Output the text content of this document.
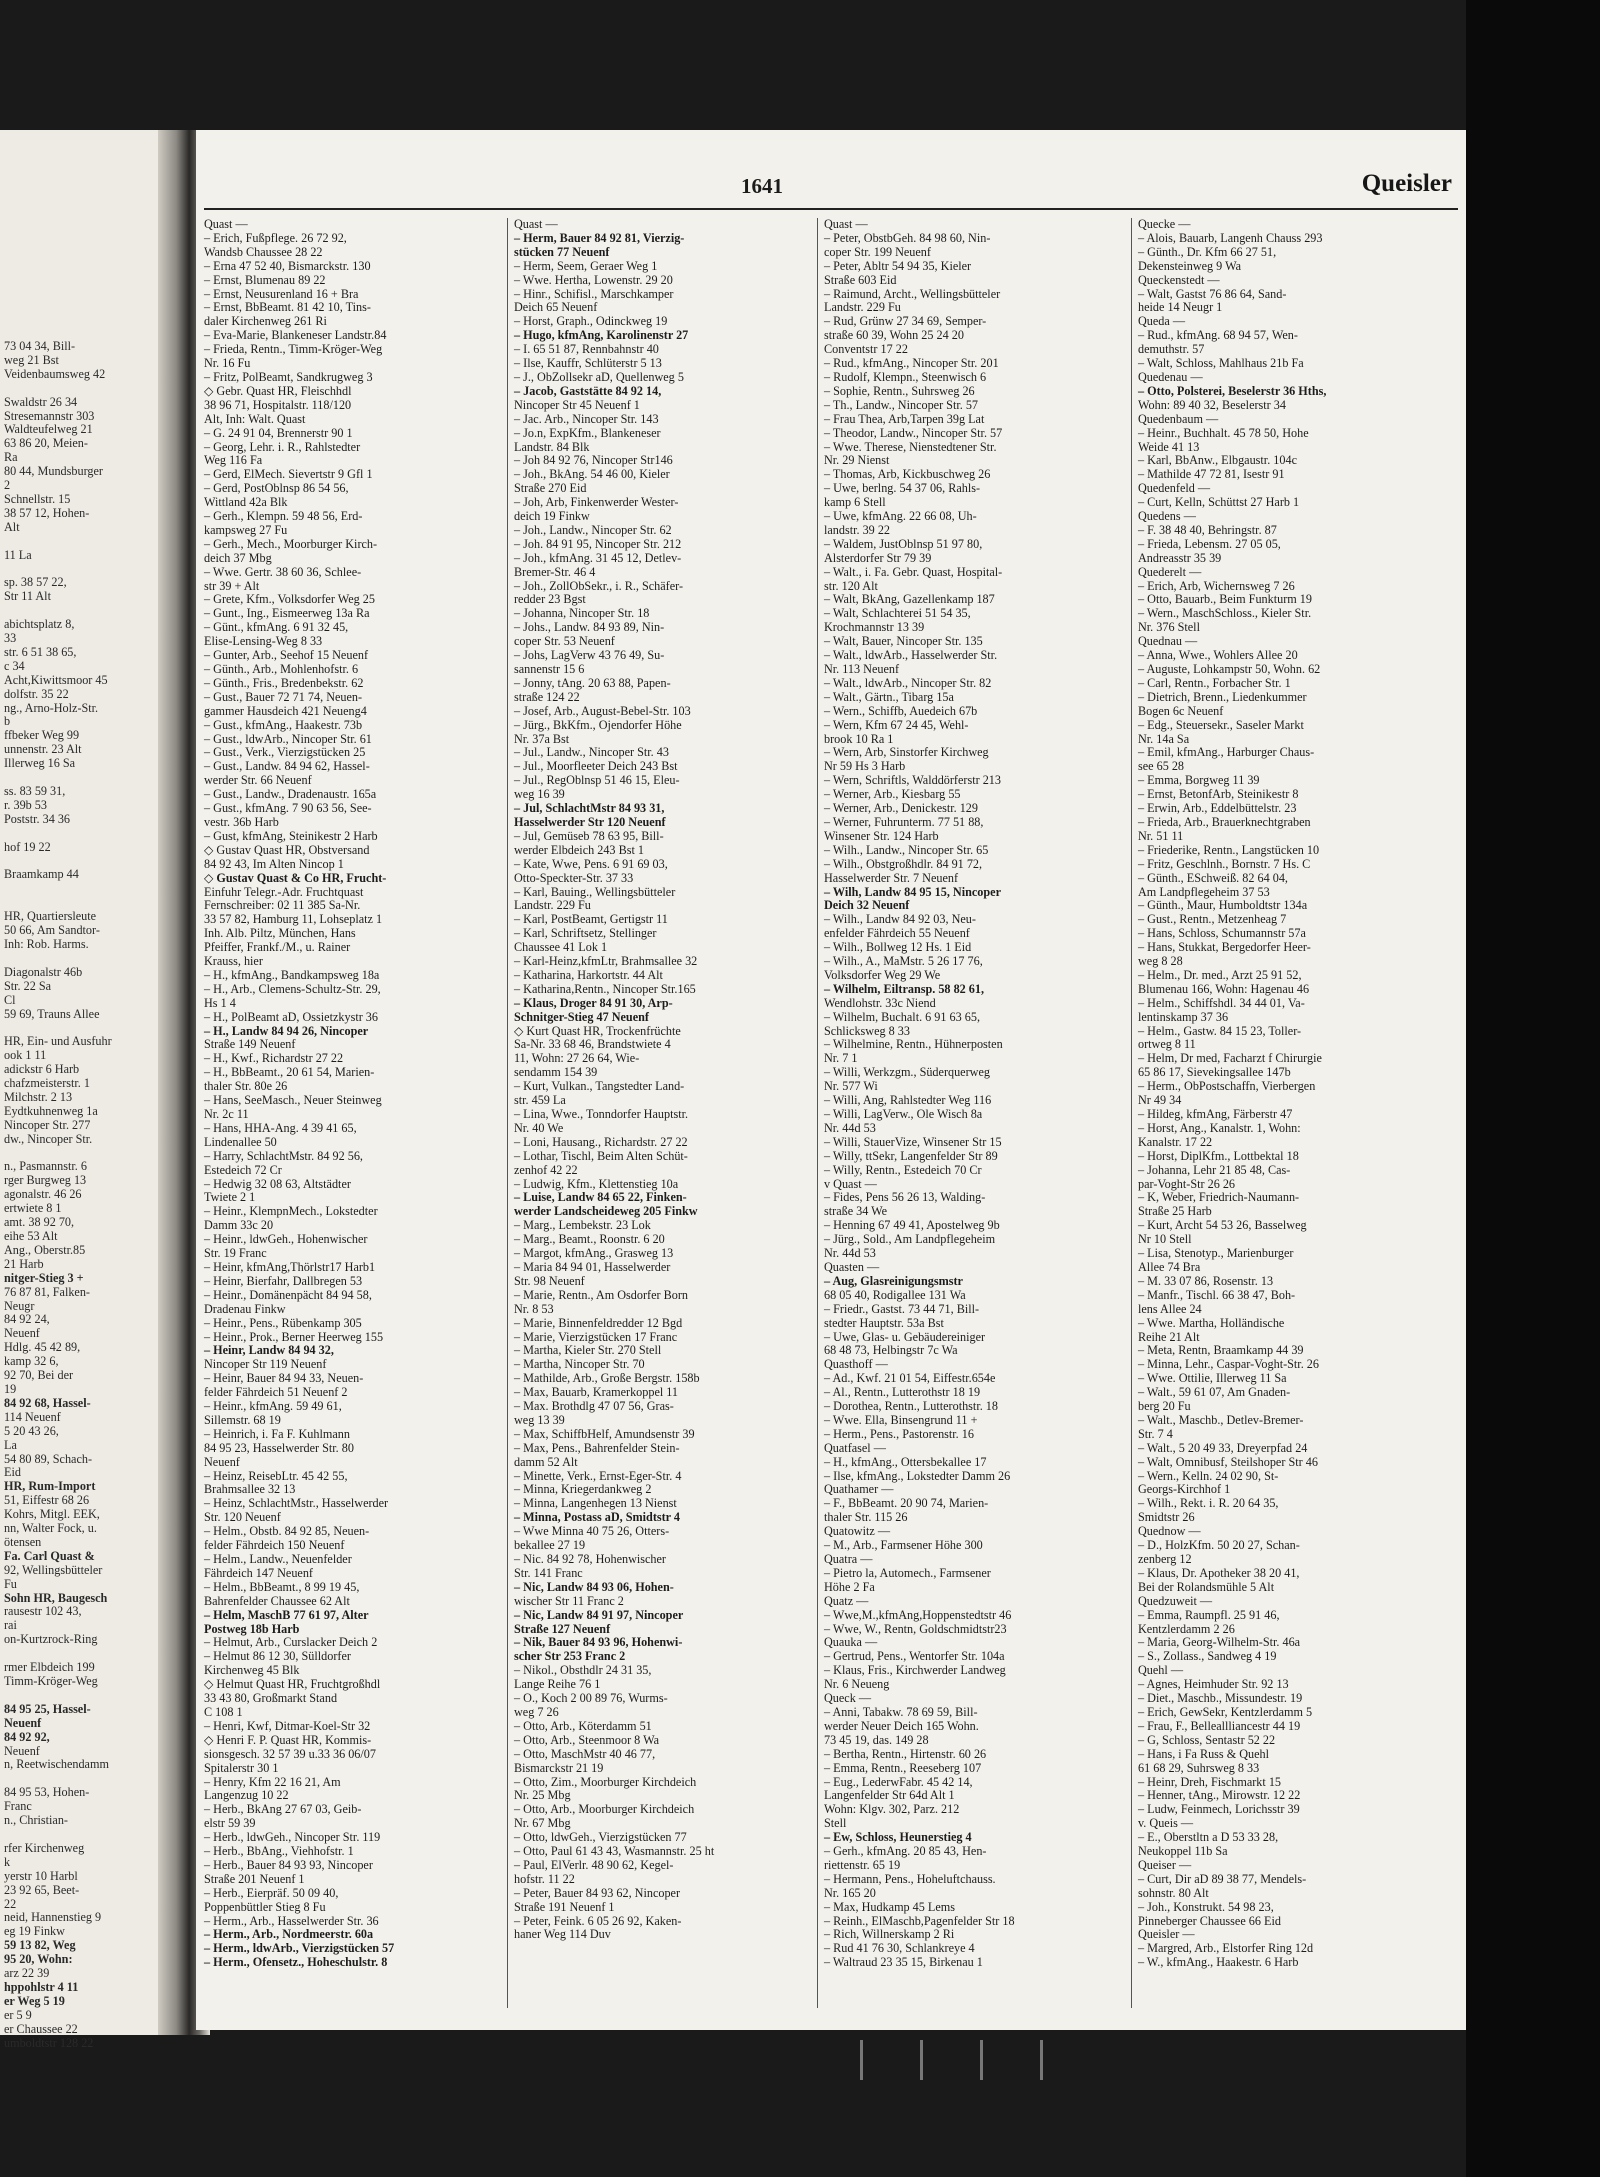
73 04 34, Bill-
weg 21 Bst
Veidenbaumsweg 42

Swaldstr 26 34
Stresemannstr 303
Waldteufelweg 21
63 86 20, Meien-
Ra
80 44, Mundsburger
2
Schnellstr. 15
38 57 12, Hohen-
Alt

11 La

sp. 38 57 22,
Str 11 Alt

abichtsplatz 8,
33
str. 6 51 38 65,
c 34
Acht,Kiwittsmoor 45
dolfstr. 35 22
ng., Arno-Holz-Str.
b
ffbeker Weg 99
unnenstr. 23 Alt
Illerweg 16 Sa

ss. 83 59 31,
r. 39b 53
Poststr. 34 36

hof 19 22

Braamkamp 44

HR, Quartiersleute
50 66, Am Sandtor-
Inh: Rob. Harms.

Diagonalstr 46b
Str. 22 Sa
Cl
59 69, Trauns Allee

HR, Ein- und Ausfuhr
ook 1 11
adickstr 6 Harb
chafzmeisterstr. 1
Milchstr. 2 13
Eydtkuhnenweg 1a
Nincoper Str. 277
dw., Nincoper Str.

n., Pasmannstr. 6
rger Burgweg 13
agonalstr. 46 26
ertwiete 8 1
amt. 38 92 70,
eihe 53 Alt
Ang., Oberstr.85
21 Harb
nitger-Stieg 3 +
76 87 81, Falken-
Neugr
84 92 24,
Neuenf
Hdlg. 45 42 89,
kamp 32 6,
92 70, Bei der
19
84 92 68, Hassel-
114 Neuenf
5 20 43 26,
La
54 80 89, Schach-
Eid
HR, Rum-Import
51, Eiffestr 68 26
Kohrs, Mitgl. EEK,
nn, Walter Fock, u.
ötensen
Fa. Carl Quast &
92, Wellingsbütteler
Fu
Sohn HR, Baugesch
rausestr 102 43,
rai
on-Kurtzrock-Ring

rmer Elbdeich 199
Timm-Kröger-Weg

84 95 25, Hassel-
Neuenf
84 92 92,
Neuenf
n, Reetwischendamm

84 95 53, Hohen-
Franc
n., Christian-

rfer Kirchenweg
k
yerstr 10 Harbl
23 92 65, Beet-
22
neid, Hannenstieg 9
eg 19 Finkw
59 13 82, Weg
95 20, Wohn:
arz 22 39
hppohlstr 4 11
er Weg 5 19
er 5 9
er Chaussee 22
umboldtstr 128 22
1641	Queisler
Quast —
– Erich, Fußpflege. 26 72 92,
Wandsb Chaussee 28 22
– Erna 47 52 40, Bismarckstr. 130
– Ernst, Blumenau 89 22
– Ernst, Neusurenland 16 + Bra
– Ernst, BbBeamt. 81 42 10, Tins-
daler Kirchenweg 261 Ri
– Eva-Marie, Blankeneser Landstr.84
– Frieda, Rentn., Timm-Kröger-Weg
Nr. 16 Fu
– Fritz, PolBeamt, Sandkrugweg 3
◇ Gebr. Quast HR, Fleischhdl
38 96 71, Hospitalstr. 118/120
Alt, Inh: Walt. Quast
– G. 24 91 04, Brennerstr 90 1
– Georg, Lehr. i. R., Rahlstedter
Weg 116 Fa
– Gerd, ElMech. Sievertstr 9 Gfl 1
– Gerd, PostOblnsp 86 54 56,
Wittland 42a Blk
– Gerh., Klempn. 59 48 56, Erd-
kampsweg 27 Fu
– Gerh., Mech., Moorburger Kirch-
deich 37 Mbg
– Wwe. Gertr. 38 60 36, Schlee-
str 39 + Alt
– Grete, Kfm., Volksdorfer Weg 25
– Gunt., Ing., Eismeerweg 13a Ra
– Günt., kfmAng. 6 91 32 45,
Elise-Lensing-Weg 8 33
– Gunter, Arb., Seehof 15 Neuenf
– Günth., Arb., Mohlenhofstr. 6
– Günth., Fris., Bredenbekstr. 62
– Gust., Bauer 72 71 74, Neuen-
gammer Hausdeich 421 Neueng4
– Gust., kfmAng., Haakestr. 73b
– Gust., ldwArb., Nincoper Str. 61
– Gust., Verk., Vierzigstücken 25
– Gust., Landw. 84 94 62, Hassel-
werder Str. 66 Neuenf
– Gust., Landw., Dradenaustr. 165a
– Gust., kfmAng. 7 90 63 56, See-
vestr. 36b Harb
– Gust, kfmAng, Steinikestr 2 Harb
◇ Gustav Quast HR, Obstversand
84 92 43, Im Alten Nincop 1
◇ Gustav Quast & Co HR, Frucht-
Einfuhr Telegr.-Adr. Fruchtquast
Fernschreiber: 02 11 385 Sa-Nr.
33 57 82, Hamburg 11, Lohseplatz 1
Inh. Alb. Piltz, München, Hans
Pfeiffer, Frankf./M., u. Rainer
Krauss, hier
– H., kfmAng., Bandkampsweg 18a
– H., Arb., Clemens-Schultz-Str. 29,
Hs 1 4
– H., PolBeamt aD, Ossietzkystr 36
– H., Landw 84 94 26, Nincoper
Straße 149 Neuenf
– H., Kwf., Richardstr 27 22
– H., BbBeamt., 20 61 54, Marien-
thaler Str. 80e 26
– Hans, SeeMasch., Neuer Steinweg
Nr. 2c 11
– Hans, HHA-Ang. 4 39 41 65,
Lindenallee 50
– Harry, SchlachtMstr. 84 92 56,
Estedeich 72 Cr
– Hedwig 32 08 63, Altstädter
Twiete 2 1
– Heinr., KlempnMech., Lokstedter
Damm 33c 20
– Heinr., ldwGeh., Hohenwischer
Str. 19 Franc
– Heinr, kfmAng,Thörlstr17 Harb1
– Heinr, Bierfahr, Dallbregen 53
– Heinr., Domänenpächt 84 94 58,
Dradenau Finkw
– Heinr., Pens., Rübenkamp 305
– Heinr., Prok., Berner Heerweg 155
– Heinr, Landw 84 94 32,
Nincoper Str 119 Neuenf
– Heinr, Bauer 84 94 33, Neuen-
felder Fährdeich 51 Neuenf 2
– Heinr., kfmAng. 59 49 61,
Sillemstr. 68 19
– Heinrich, i. Fa F. Kuhlmann
84 95 23, Hasselwerder Str. 80
Neuenf
– Heinz, ReisebLtr. 45 42 55,
Brahmsallee 32 13
– Heinz, SchlachtMstr., Hasselwerder
Str. 120 Neuenf
– Helm., Obstb. 84 92 85, Neuen-
felder Fährdeich 150 Neuenf
– Helm., Landw., Neuenfelder
Fährdeich 147 Neuenf
– Helm., BbBeamt., 8 99 19 45,
Bahrenfelder Chaussee 62 Alt
– Helm, MaschB 77 61 97, Alter
Postweg 18b Harb
– Helmut, Arb., Curslacker Deich 2
– Helmut 86 12 30, Sülldorfer
Kirchenweg 45 Blk
◇ Helmut Quast HR, Fruchtgroßhdl
33 43 80, Großmarkt Stand
C 108 1
– Henri, Kwf, Ditmar-Koel-Str 32
◇ Henri F. P. Quast HR, Kommis-
sionsgesch. 32 57 39 u.33 36 06/07
Spitalerstr 30 1
– Henry, Kfm 22 16 21, Am
Langenzug 10 22
– Herb., BkAng 27 67 03, Geib-
elstr 59 39
– Herb., ldwGeh., Nincoper Str. 119
– Herb., BbAng., Viehhofstr. 1
– Herb., Bauer 84 93 93, Nincoper
Straße 201 Neuenf 1
– Herb., Eierpräf. 50 09 40,
Poppenbüttler Stieg 8 Fu
– Herm., Arb., Hasselwerder Str. 36
– Herm., Arb., Nordmeerstr. 60a
– Herm., ldwArb., Vierzigstücken 57
– Herm., Ofensetz., Hoheschulstr. 8
Quast —
– Herm, Bauer 84 92 81, Vierzig-
stücken 77 Neuenf
– Herm, Seem, Geraer Weg 1
– Wwe. Hertha, Lowenstr. 29 20
– Hinr., Schifisl., Marschkamper
Deich 65 Neuenf
– Horst, Graph., Odinckweg 19
– Hugo, kfmAng, Karolinenstr 27
– I. 65 51 87, Rennbahnstr 40
– Ilse, Kauffr, Schlüterstr 5 13
– J., ObZollsekr aD, Quellenweg 5
– Jacob, Gaststätte 84 92 14,
Nincoper Str 45 Neuenf 1
– Jac. Arb., Nincoper Str. 143
– Jo.n, ExpKfm., Blankeneser
Landstr. 84 Blk
– Joh 84 92 76, Nincoper Str146
– Joh., BkAng. 54 46 00, Kieler
Straße 270 Eid
– Joh, Arb, Finkenwerder Wester-
deich 19 Finkw
– Joh., Landw., Nincoper Str. 62
– Joh. 84 91 95, Nincoper Str. 212
– Joh., kfmAng. 31 45 12, Detlev-
Bremer-Str. 46 4
– Joh., ZollObSekr., i. R., Schäfer-
redder 23 Bgst
– Johanna, Nincoper Str. 18
– Johs., Landw. 84 93 89, Nin-
coper Str. 53 Neuenf
– Johs, LagVerw 43 76 49, Su-
sannenstr 15 6
– Jonny, tAng. 20 63 88, Papen-
straße 124 22
– Josef, Arb., August-Bebel-Str. 103
– Jürg., BkKfm., Ojendorfer Höhe
Nr. 37a Bst
– Jul., Landw., Nincoper Str. 43
– Jul., Moorfleeter Deich 243 Bst
– Jul., RegOblnsp 51 46 15, Eleu-
weg 16 39
– Jul, SchlachtMstr 84 93 31,
Hasselwerder Str 120 Neuenf
– Jul, Gemüseb 78 63 95, Bill-
werder Elbdeich 243 Bst 1
– Kate, Wwe, Pens. 6 91 69 03,
Otto-Speckter-Str. 37 33
– Karl, Bauing., Wellingsbütteler
Landstr. 229 Fu
– Karl, PostBeamt, Gertigstr 11
– Karl, Schriftsetz, Stellinger
Chaussee 41 Lok 1
– Karl-Heinz,kfmLtr, Brahmsallee 32
– Katharina, Harkortstr. 44 Alt
– Katharina,Rentn., Nincoper Str.165
– Klaus, Droger 84 91 30, Arp-
Schnitger-Stieg 47 Neuenf
◇ Kurt Quast HR, Trockenfrüchte
Sa-Nr. 33 68 46, Brandstwiete 4
11, Wohn: 27 26 64, Wie-
sendamm 154 39
– Kurt, Vulkan., Tangstedter Land-
str. 459 La
– Lina, Wwe., Tonndorfer Hauptstr.
Nr. 40 We
– Loni, Hausang., Richardstr. 27 22
– Lothar, Tischl, Beim Alten Schüt-
zenhof 42 22
– Ludwig, Kfm., Klettenstieg 10a
– Luise, Landw 84 65 22, Finken-
werder Landscheideweg 205 Finkw
– Marg., Lembekstr. 23 Lok
– Marg., Beamt., Roonstr. 6 20
– Margot, kfmAng., Grasweg 13
– Maria 84 94 01, Hasselwerder
Str. 98 Neuenf
– Marie, Rentn., Am Osdorfer Born
Nr. 8 53
– Marie, Binnenfeldredder 12 Bgd
– Marie, Vierzigstücken 17 Franc
– Martha, Kieler Str. 270 Stell
– Martha, Nincoper Str. 70
– Mathilde, Arb., Große Bergstr. 158b
– Max, Bauarb, Kramerkoppel 11
– Max. Brothdlg 47 07 56, Gras-
weg 13 39
– Max, SchiffbHelf, Amundsenstr 39
– Max, Pens., Bahrenfelder Stein-
damm 52 Alt
– Minette, Verk., Ernst-Eger-Str. 4
– Minna, Kriegerdankweg 2
– Minna, Langenhegen 13 Nienst
– Minna, Postass aD, Smidtstr 4
– Wwe Minna 40 75 26, Otters-
bekallee 27 19
– Nic. 84 92 78, Hohenwischer
Str. 141 Franc
– Nic, Landw 84 93 06, Hohen-
wischer Str 11 Franc 2
– Nic, Landw 84 91 97, Nincoper
Straße 127 Neuenf
– Nik, Bauer 84 93 96, Hohenwi-
scher Str 253 Franc 2
– Nikol., Obsthdlr 24 31 35,
Lange Reihe 76 1
– O., Koch 2 00 89 76, Wurms-
weg 7 26
– Otto, Arb., Köterdamm 51
– Otto, Arb., Steenmoor 8 Wa
– Otto, MaschMstr 40 46 77,
Bismarckstr 21 19
– Otto, Zim., Moorburger Kirchdeich
Nr. 25 Mbg
– Otto, Arb., Moorburger Kirchdeich
Nr. 67 Mbg
– Otto, ldwGeh., Vierzigstücken 77
– Otto, Paul 61 43 43, Wasmannstr. 25 ht
– Paul, ElVerlr. 48 90 62, Kegel-
hofstr. 11 22
– Peter, Bauer 84 93 62, Nincoper
Straße 191 Neuenf 1
– Peter, Feink. 6 05 26 92, Kaken-
haner Weg 114 Duv
Quast —
– Peter, ObstbGeh. 84 98 60, Nin-
coper Str. 199 Neuenf
– Peter, Abltr 54 94 35, Kieler
Straße 603 Eid
– Raimund, Archt., Wellingsbütteler
Landstr. 229 Fu
– Rud, Grünw 27 34 69, Semper-
straße 60 39, Wohn 25 24 20
Conventstr 17 22
– Rud., kfmAng., Nincoper Str. 201
– Rudolf, Klempn., Steenwisch 6
– Sophie, Rentn., Suhrsweg 26
– Th., Landw., Nincoper Str. 57
– Frau Thea, Arb,Tarpen 39g Lat
– Theodor, Landw., Nincoper Str. 57
– Wwe. Therese, Nienstedtener Str.
Nr. 29 Nienst
– Thomas, Arb, Kickbuschweg 26
– Uwe, berlng. 54 37 06, Rahls-
kamp 6 Stell
– Uwe, kfmAng. 22 66 08, Uh-
landstr. 39 22
– Waldem, JustOblnsp 51 97 80,
Alsterdorfer Str 79 39
– Walt., i. Fa. Gebr. Quast, Hospital-
str. 120 Alt
– Walt, BkAng, Gazellenkamp 187
– Walt, Schlachterei 51 54 35,
Krochmannstr 13 39
– Walt, Bauer, Nincoper Str. 135
– Walt., ldwArb., Hasselwerder Str.
Nr. 113 Neuenf
– Walt., ldwArb., Nincoper Str. 82
– Walt., Gärtn., Tibarg 15a
– Wern., Schiffb, Auedeich 67b
– Wern, Kfm 67 24 45, Wehl-
brook 10 Ra 1
– Wern, Arb, Sinstorfer Kirchweg
Nr 59 Hs 3 Harb
– Wern, Schriftls, Walddörferstr 213
– Werner, Arb., Kiesbarg 55
– Werner, Arb., Denickestr. 129
– Werner, Fuhrunterm. 77 51 88,
Winsener Str. 124 Harb
– Wilh., Landw., Nincoper Str. 65
– Wilh., Obstgroßhdlr. 84 91 72,
Hasselwerder Str. 7 Neuenf
– Wilh, Landw 84 95 15, Nincoper
Deich 32 Neuenf
– Wilh., Landw 84 92 03, Neu-
enfelder Fährdeich 55 Neuenf
– Wilh., Bollweg 12 Hs. 1 Eid
– Wilh., A., MaMstr. 5 26 17 76,
Volksdorfer Weg 29 We
– Wilhelm, Eiltransp. 58 82 61,
Wendlohstr. 33c Niend
– Wilhelm, Buchalt. 6 91 63 65,
Schlicksweg 8 33
– Wilhelmine, Rentn., Hühnerposten
Nr. 7 1
– Willi, Werkzgm., Süderquerweg
Nr. 577 Wi
– Willi, Ang, Rahlstedter Weg 116
– Willi, LagVerw., Ole Wisch 8a
Nr. 44d 53
– Willi, StauerVize, Winsener Str 15
– Willy, ttSekr, Langenfelder Str 89
– Willy, Rentn., Estedeich 70 Cr
v Quast —
– Fides, Pens 56 26 13, Walding-
straße 34 We
– Henning 67 49 41, Apostelweg 9b
– Jürg., Sold., Am Landpflegeheim
Nr. 44d 53
Quasten —
– Aug, Glasreinigungsmstr
68 05 40, Rodigallee 131 Wa
– Friedr., Gastst. 73 44 71, Bill-
stedter Hauptstr. 53a Bst
– Uwe, Glas- u. Gebäudereiniger
68 48 73, Helbingstr 7c Wa
Quasthoff —
– Ad., Kwf. 21 01 54, Eiffestr.654e
– Al., Rentn., Lutterothstr 18 19
– Dorothea, Rentn., Lutterothstr. 18
– Wwe. Ella, Binsengrund 11 +
– Herm., Pens., Pastorenstr. 16
Quatfasel —
– H., kfmAng., Ottersbekallee 17
– Ilse, kfmAng., Lokstedter Damm 26
Quathamer —
– F., BbBeamt. 20 90 74, Marien-
thaler Str. 115 26
Quatowitz —
– M., Arb., Farmsener Höhe 300
Quatra —
– Pietro la, Automech., Farmsener
Höhe 2 Fa
Quatz —
– Wwe,M.,kfmAng,Hoppenstedtstr 46
– Wwe, W., Rentn, Goldschmidtstr23
Quauka —
– Gertrud, Pens., Wentorfer Str. 104a
– Klaus, Fris., Kirchwerder Landweg
Nr. 6 Neueng
Queck —
– Anni, Tabakw. 78 69 59, Bill-
werder Neuer Deich 165 Wohn.
73 45 19, das. 149 28
– Bertha, Rentn., Hirtenstr. 60 26
– Emma, Rentn., Reeseberg 107
– Eug., LederwFabr. 45 42 14,
Langenfelder Str 64d Alt 1
Wohn: Klgv. 302, Parz. 212
Stell
– Ew, Schloss, Heunerstieg 4
– Gerh., kfmAng. 20 85 43, Hen-
riettenstr. 65 19
– Hermann, Pens., Hoheluftchauss.
Nr. 165 20
– Max, Hudkamp 45 Lems
– Reinh., ElMaschb,Pagenfelder Str 18
– Rich, Willnerskamp 2 Ri
– Rud 41 76 30, Schlankreye 4
– Waltraud 23 35 15, Birkenau 1
Quecke —
– Alois, Bauarb, Langenh Chauss 293
– Günth., Dr. Kfm 66 27 51,
Dekensteinweg 9 Wa
Queckenstedt —
– Walt, Gastst 76 86 64, Sand-
heide 14 Neugr 1
Queda —
– Rud., kfmAng. 68 94 57, Wen-
demuthstr. 57
– Walt, Schloss, Mahlhaus 21b Fa
Quedenau —
– Otto, Polsterei, Beselerstr 36 Hths,
Wohn: 89 40 32, Beselerstr 34
Quedenbaum —
– Heinr., Buchhalt. 45 78 50, Hohe
Weide 41 13
– Karl, BbAnw., Elbgaustr. 104c
– Mathilde 47 72 81, Isestr 91
Quedenfeld —
– Curt, Kelln, Schüttst 27 Harb 1
Quedens —
– F. 38 48 40, Behringstr. 87
– Frieda, Lebensm. 27 05 05,
Andreasstr 35 39
Quederelt —
– Erich, Arb, Wichernsweg 7 26
– Otto, Bauarb., Beim Funkturm 19
– Wern., MaschSchloss., Kieler Str.
Nr. 376 Stell
Quednau —
– Anna, Wwe., Wohlers Allee 20
– Auguste, Lohkampstr 50, Wohn. 62
– Carl, Rentn., Forbacher Str. 1
– Dietrich, Brenn., Liedenkummer
Bogen 6c Neuenf
– Edg., Steuersekr., Saseler Markt
Nr. 14a Sa
– Emil, kfmAng., Harburger Chaus-
see 65 28
– Emma, Borgweg 11 39
– Ernst, BetonfArb, Steinikestr 8
– Erwin, Arb., Eddelbüttelstr. 23
– Frieda, Arb., Brauerknechtgraben
Nr. 51 11
– Friederike, Rentn., Langstücken 10
– Fritz, Geschlnh., Bornstr. 7 Hs. C
– Günth., ESchweiß. 82 64 04,
Am Landpflegeheim 37 53
– Günth., Maur, Humboldtstr 134a
– Gust., Rentn., Metzenheag 7
– Hans, Schloss, Schumannstr 57a
– Hans, Stukkat, Bergedorfer Heer-
weg 8 28
– Helm., Dr. med., Arzt 25 91 52,
Blumenau 166, Wohn: Hagenau 46
– Helm., Schiffshdl. 34 44 01, Va-
lentinskamp 37 36
– Helm., Gastw. 84 15 23, Toller-
ortweg 8 11
– Helm, Dr med, Facharzt f Chirurgie
65 86 17, Sievekingsallee 147b
– Herm., ObPostschaffn, Vierbergen
Nr 49 34
– Hildeg, kfmAng, Färberstr 47
– Horst, Ang., Kanalstr. 1, Wohn:
Kanalstr. 17 22
– Horst, DiplKfm., Lottbektal 18
– Johanna, Lehr 21 85 48, Cas-
par-Voght-Str 26 26
– K, Weber, Friedrich-Naumann-
Straße 25 Harb
– Kurt, Archt 54 53 26, Basselweg
Nr 10 Stell
– Lisa, Stenotyp., Marienburger
Allee 74 Bra
– M. 33 07 86, Rosenstr. 13
– Manfr., Tischl. 66 38 47, Boh-
lens Allee 24
– Wwe. Martha, Holländische
Reihe 21 Alt
– Meta, Rentn, Braamkamp 44 39
– Minna, Lehr., Caspar-Voght-Str. 26
– Wwe. Ottilie, Illerweg 11 Sa
– Walt., 59 61 07, Am Gnaden-
berg 20 Fu
– Walt., Maschb., Detlev-Bremer-
Str. 7 4
– Walt., 5 20 49 33, Dreyerpfad 24
– Walt, Omnibusf, Steilshoper Str 46
– Wern., Kelln. 24 02 90, St-
Georgs-Kirchhof 1
– Wilh., Rekt. i. R. 20 64 35,
Smidtstr 26
Quednow —
– D., HolzKfm. 50 20 27, Schan-
zenberg 12
– Klaus, Dr. Apotheker 38 20 41,
Bei der Rolandsmühle 5 Alt
Quedzuweit —
– Emma, Raumpfl. 25 91 46,
Kentzlerdamm 2 26
– Maria, Georg-Wilhelm-Str. 46a
– S., Zollass., Sandweg 4 19
Quehl —
– Agnes, Heimhuder Str. 92 13
– Diet., Maschb., Missundestr. 19
– Erich, GewSekr, Kentzlerdamm 5
– Frau, F., Belleallliancestr 44 19
– G, Schloss, Sentastr 52 22
– Hans, i Fa Russ & Quehl
61 68 29, Suhrsweg 8 33
– Heinr, Dreh, Fischmarkt 15
– Henner, tAng., Mirowstr. 12 22
– Ludw, Feinmech, Lorichsstr 39
v. Queis —
– E., Oberstltn a D 53 33 28,
Neukoppel 11b Sa
Queiser —
– Curt, Dir aD 89 38 77, Mendels-
sohnstr. 80 Alt
– Joh., Konstrukt. 54 98 23,
Pinneberger Chaussee 66 Eid
Queisler —
– Margred, Arb., Elstorfer Ring 12d
– W., kfmAng., Haakestr. 6 Harb
